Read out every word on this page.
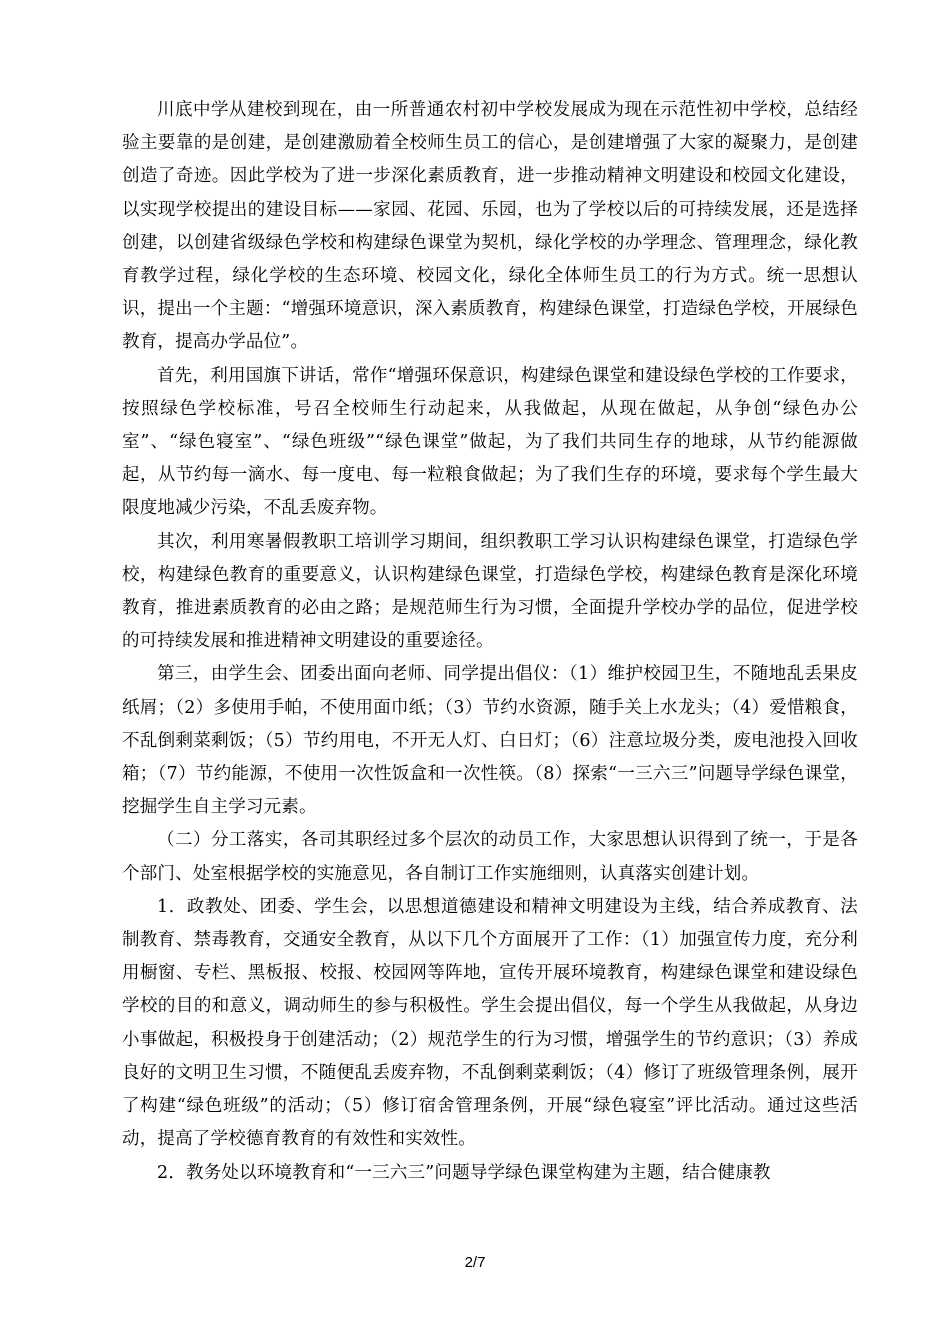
川底中学从建校到现在，由一所普通农村初中学校发展成为现在示范性初中学校，总结经验主要靠的是创建，是创建激励着全校师生员工的信心，是创建增强了大家的凝聚力，是创建创造了奇迹。因此学校为了进一步深化素质教育，进一步推动精神文明建设和校园文化建设，以实现学校提出的建设目标——家园、花园、乐园，也为了学校以后的可持续发展，还是选择创建，以创建省级绿色学校和构建绿色课堂为契机，绿化学校的办学理念、管理理念，绿化教育教学过程，绿化学校的生态环境、校园文化，绿化全体师生员工的行为方式。统一思想认识，提出一个主题：“增强环境意识，深入素质教育，构建绿色课堂，打造绿色学校，开展绿色教育，提高办学品位”。

首先，利用国旗下讲话，常作“增强环保意识，构建绿色课堂和建设绿色学校的工作要求，按照绿色学校标准，号召全校师生行动起来，从我做起，从现在做起，从争创“绿色办公室”、“绿色寝室”、“绿色班级”“绿色课堂”做起，为了我们共同生存的地球，从节约能源做起，从节约每一滴水、每一度电、每一粒粮食做起；为了我们生存的环境，要求每个学生最大限度地减少污染，不乱丢废弃物。

其次，利用寒暑假教职工培训学习期间，组织教职工学习认识构建绿色课堂，打造绿色学校，构建绿色教育的重要意义，认识构建绿色课堂，打造绿色学校，构建绿色教育是深化环境教育，推进素质教育的必由之路；是规范师生行为习惯，全面提升学校办学的品位，促进学校的可持续发展和推进精神文明建设的重要途径。

第三，由学生会、团委出面向老师、同学提出倡仪：（1）维护校园卫生，不随地乱丢果皮纸屑；（2）多使用手帕，不使用面巾纸；（3）节约水资源，随手关上水龙头；（4）爱惜粮食，不乱倒剩菜剩饭；（5）节约用电，不开无人灯、白日灯；（6）注意垃圾分类，废电池投入回收箱；（7）节约能源，不使用一次性饭盒和一次性筷。（8）探索“一三六三”问题导学绿色课堂，挖掘学生自主学习元素。

（二）分工落实，各司其职经过多个层次的动员工作，大家思想认识得到了统一，于是各个部门、处室根据学校的实施意见，各自制订工作实施细则，认真落实创建计划。

1．政教处、团委、学生会，以思想道德建设和精神文明建设为主线，结合养成教育、法制教育、禁毒教育，交通安全教育，从以下几个方面展开了工作：（1）加强宣传力度，充分利用橱窗、专栏、黑板报、校报、校园网等阵地，宣传开展环境教育，构建绿色课堂和建设绿色学校的目的和意义，调动师生的参与积极性。学生会提出倡仪，每一个学生从我做起，从身边小事做起，积极投身于创建活动；（2）规范学生的行为习惯，增强学生的节约意识；（3）养成良好的文明卫生习惯，不随便乱丢废弃物，不乱倒剩菜剩饭；（4）修订了班级管理条例，展开了构建“绿色班级”的活动；（5）修订宿舍管理条例，开展“绿色寝室”评比活动。通过这些活动，提高了学校德育教育的有效性和实效性。

2．教务处以环境教育和“一三六三”问题导学绿色课堂构建为主题，结合健康教

2/7
